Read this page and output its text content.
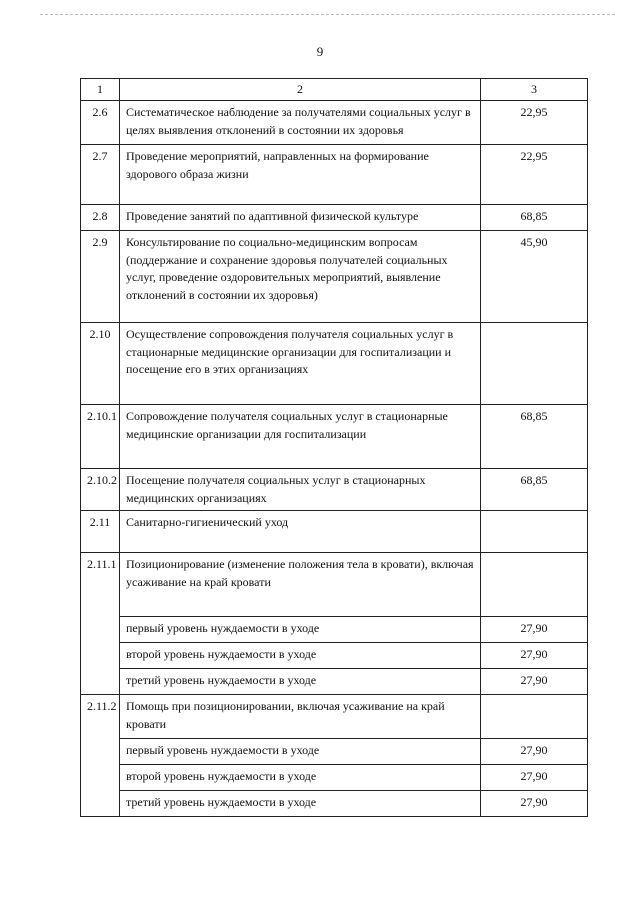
9
1	2	3
2.6	Систематическое наблюдение за получателями социальных услуг в целях выявления отклонений в состоянии их здоровья	22,95
2.7	Проведение мероприятий, направленных на формирование здорового образа жизни	22,95
2.8	Проведение занятий по адаптивной физической культуре	68,85
2.9	Консультирование по социально-медицинским вопросам (поддержание и сохранение здоровья получателей социальных услуг, проведение оздоровительных мероприятий, выявление отклонений в состоянии их здоровья)	45,90
2.10	Осуществление сопровождения получателя социальных услуг в стационарные медицинские организации для госпитализации и посещение его в этих организациях	
2.10.1	Сопровождение получателя социальных услуг в стационарные медицинские организации для госпитализации	68,85
2.10.2	Посещение получателя социальных услуг в стационарных медицинских организациях	68,85
2.11	Санитарно-гигиенический уход	
2.11.1	Позиционирование (изменение положения тела в кровати), включая усаживание на край кровати	
	первый уровень нуждаемости в уходе	27,90
	второй уровень нуждаемости в уходе	27,90
	третий уровень нуждаемости в уходе	27,90
2.11.2	Помощь при позиционировании, включая усаживание на край кровати	
	первый уровень нуждаемости в уходе	27,90
	второй уровень нуждаемости в уходе	27,90
	третий уровень нуждаемости в уходе	27,90
